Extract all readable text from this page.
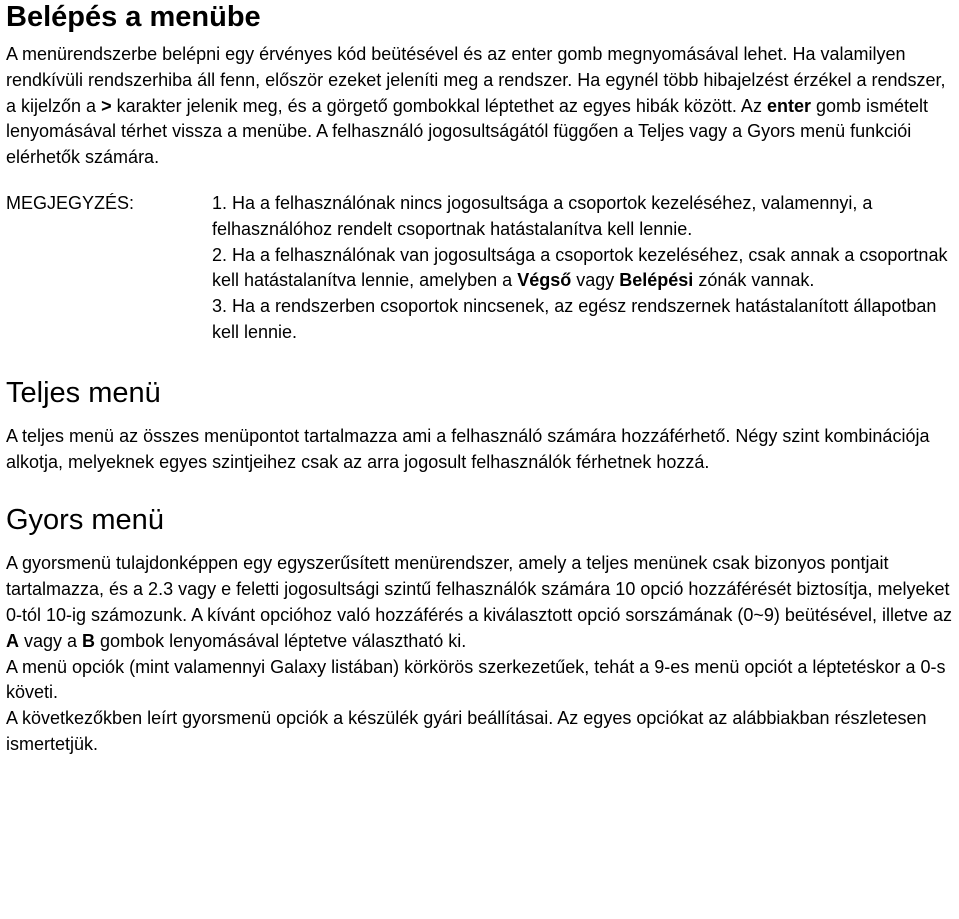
Belépés a menübe

A menürendszerbe belépni egy érvényes kód beütésével és az enter gomb megnyomásával lehet. Ha valamilyen rendkívüli rendszerhiba áll fenn, először ezeket jeleníti meg a rendszer. Ha egynél több hibajelzést érzékel a rendszer, a kijelzőn a > karakter jelenik meg, és a görgető gombokkal léptethet az egyes hibák között. Az enter gomb ismételt lenyomásával térhet vissza a menübe. A felhasználó jogosultságától függően a Teljes vagy a Gyors menü funkciói elérhetők számára.

MEGJEGYZÉS:	1. Ha a felhasználónak nincs jogosultsága a csoportok kezeléséhez, valamennyi, a felhasználóhoz rendelt csoportnak hatástalanítva kell lennie.

2. Ha a felhasználónak van jogosultsága a csoportok kezeléséhez, csak annak a csoportnak kell hatástalanítva lennie, amelyben a Végső vagy Belépési zónák vannak.

3. Ha a rendszerben csoportok nincsenek, az egész rendszernek hatástalanított állapotban kell lennie.

Teljes menü

A teljes menü az összes menüpontot tartalmazza ami a felhasználó számára hozzáférhető. Négy szint kombinációja alkotja, melyeknek egyes szintjeihez csak az arra jogosult felhasználók férhetnek hozzá.

Gyors menü

A gyorsmenü tulajdonképpen egy egyszerűsített menürendszer, amely a teljes menünek csak bizonyos pontjait tartalmazza, és a 2.3 vagy e feletti jogosultsági szintű felhasználók számára 10 opció hozzáférését biztosítja, melyeket 0-tól 10-ig számozunk. A kívánt opcióhoz való hozzáférés a kiválasztott opció sorszámának (0~9) beütésével, illetve az A vagy a B gombok lenyomásával léptetve választható ki.

A menü opciók (mint valamennyi Galaxy listában) körkörös szerkezetűek, tehát a 9-es menü opciót a léptetéskor a 0-s követi.

A következőkben leírt gyorsmenü opciók a készülék gyári beállításai. Az egyes opciókat az alábbiakban részletesen ismertetjük.
